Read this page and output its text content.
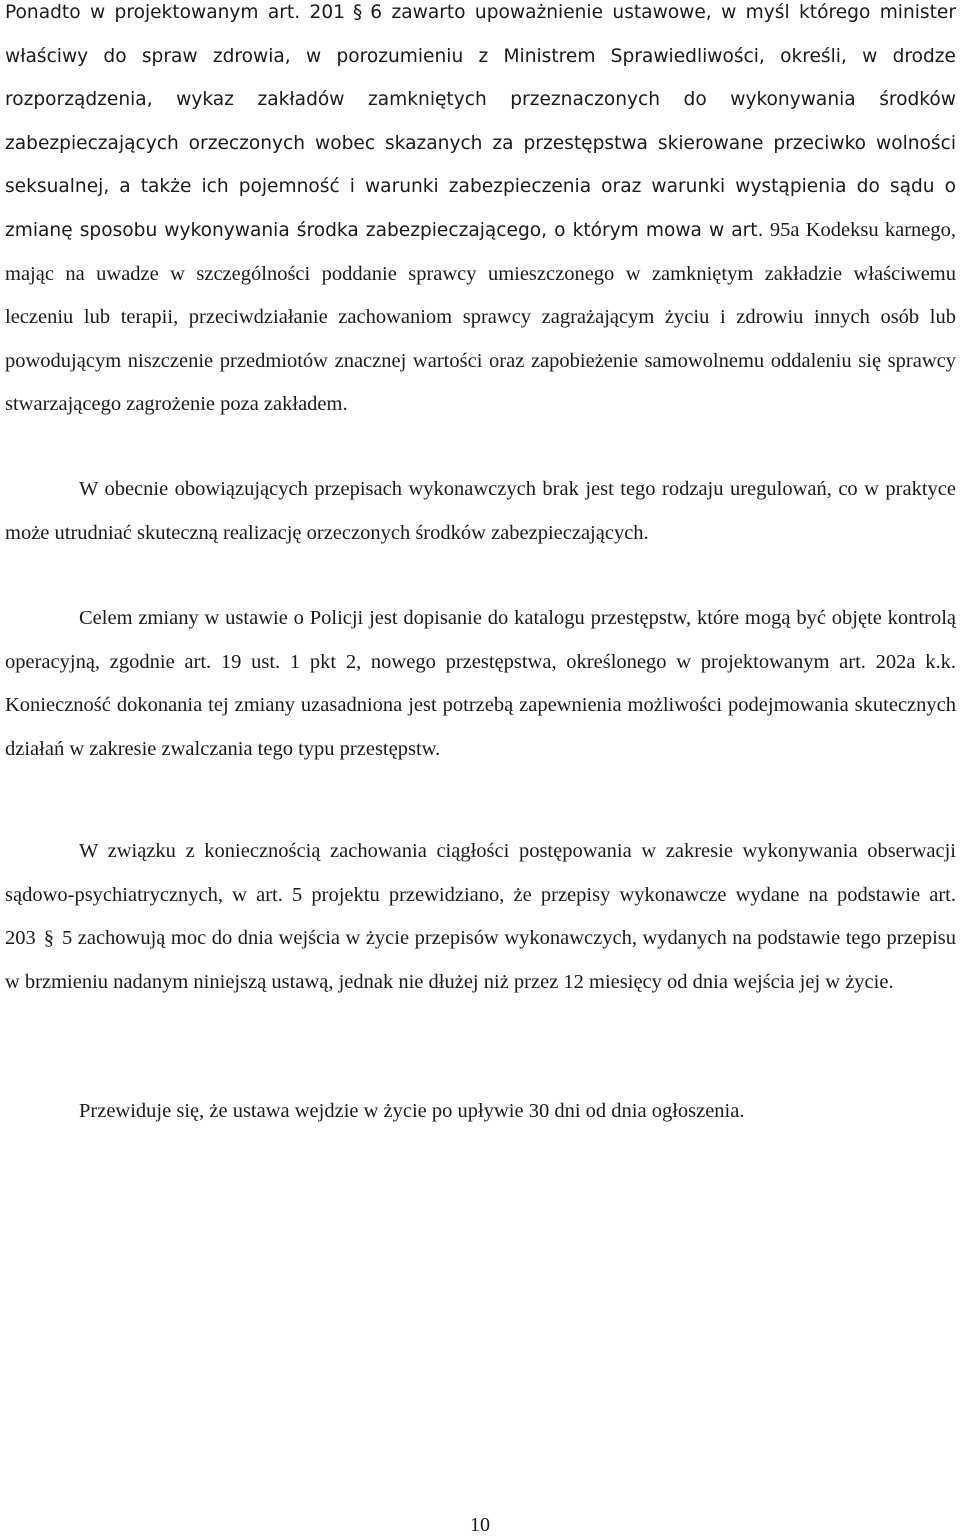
Ponadto w projektowanym art. 201 § 6 zawarto upoważnienie ustawowe, w myśl którego minister właściwy do spraw zdrowia, w porozumieniu z Ministrem Sprawiedliwości, określi, w drodze rozporządzenia, wykaz zakładów zamkniętych przeznaczonych do wykonywania środków zabezpieczających orzeczonych wobec skazanych za przestępstwa skierowane przeciwko wolności seksualnej, a także ich pojemność i warunki zabezpieczenia oraz warunki wystąpienia do sądu o zmianę sposobu wykonywania środka zabezpieczającego, o którym mowa w art. 95a Kodeksu karnego, mając na uwadze w szczególności poddanie sprawcy umieszczonego w zamkniętym zakładzie właściwemu leczeniu lub terapii, przeciwdziałanie zachowaniom sprawcy zagrażającym życiu i zdrowiu innych osób lub powodującym niszczenie przedmiotów znacznej wartości oraz zapobieżenie samowolnemu oddaleniu się sprawcy stwarzającego zagrożenie poza zakładem.

W obecnie obowiązujących przepisach wykonawczych brak jest tego rodzaju uregulowań, co w praktyce może utrudniać skuteczną realizację orzeczonych środków zabezpieczających.

Celem zmiany w ustawie o Policji jest dopisanie do katalogu przestępstw, które mogą być objęte kontrolą operacyjną, zgodnie art. 19 ust. 1 pkt 2, nowego przestępstwa, określonego w projektowanym art. 202a k.k. Konieczność dokonania tej zmiany uzasadniona jest potrzebą zapewnienia możliwości podejmowania skutecznych działań w zakresie zwalczania tego typu przestępstw.

W związku z koniecznością zachowania ciągłości postępowania w zakresie wykonywania obserwacji sądowo-psychiatrycznych, w art. 5 projektu przewidziano, że przepisy wykonawcze wydane na podstawie art. 203 § 5 zachowują moc do dnia wejścia w życie przepisów wykonawczych, wydanych na podstawie tego przepisu w brzmieniu nadanym niniejszą ustawą, jednak nie dłużej niż przez 12 miesięcy od dnia wejścia jej w życie.

Przewiduje się, że ustawa wejdzie w życie po upływie 30 dni od dnia ogłoszenia.

10
